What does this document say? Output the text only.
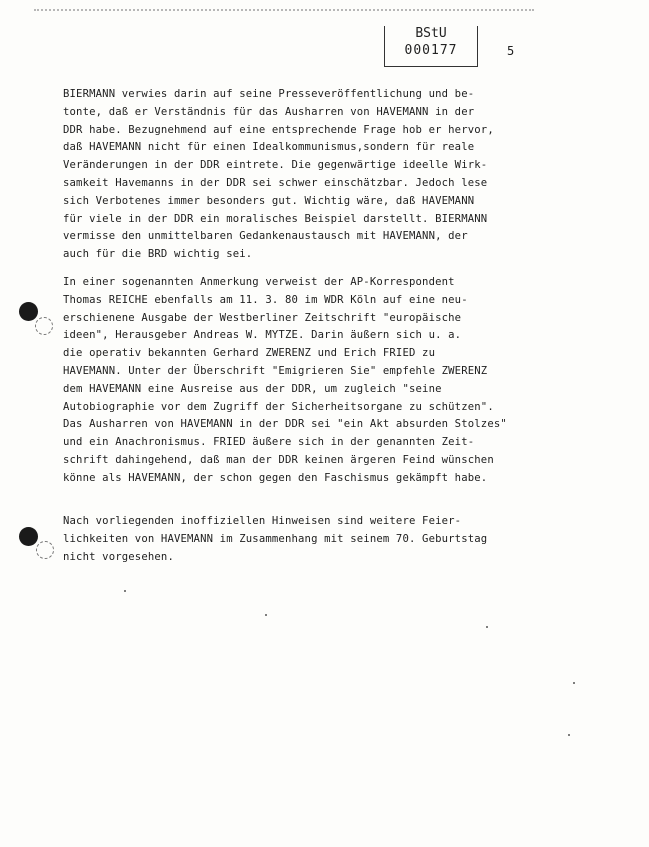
BStU
000177	5

BIERMANN verwies darin auf seine Presseveröffentlichung und be-
tonte, daß er Verständnis für das Ausharren von HAVEMANN in der
DDR habe. Bezugnehmend auf eine entsprechende Frage hob er hervor,
daß HAVEMANN nicht für einen Idealkommunismus,sondern für reale
Veränderungen in der DDR eintrete. Die gegenwärtige ideelle Wirk-
samkeit Havemanns in der DDR sei schwer einschätzbar. Jedoch lese
sich Verbotenes immer besonders gut. Wichtig wäre, daß HAVEMANN
für viele in der DDR ein moralisches Beispiel darstellt. BIERMANN
vermisse den unmittelbaren Gedankenaustausch mit HAVEMANN, der
auch für die BRD wichtig sei.

In einer sogenannten Anmerkung verweist der AP-Korrespondent
Thomas REICHE ebenfalls am 11. 3. 80 im WDR Köln auf eine neu-
erschienene Ausgabe der Westberliner Zeitschrift "europäische
ideen", Herausgeber Andreas W. MYTZE. Darin äußern sich u. a.
die operativ bekannten Gerhard ZWERENZ und Erich FRIED zu
HAVEMANN. Unter der Überschrift "Emigrieren Sie" empfehle ZWERENZ
dem HAVEMANN eine Ausreise aus der DDR, um zugleich "seine
Autobiographie vor dem Zugriff der Sicherheitsorgane zu schützen".
Das Ausharren von HAVEMANN in der DDR sei "ein Akt absurden Stolzes"
und ein Anachronismus. FRIED äußere sich in der genannten Zeit-
schrift dahingehend, daß man der DDR keinen ärgeren Feind wünschen
könne als HAVEMANN, der schon gegen den Faschismus gekämpft habe.

Nach vorliegenden inoffiziellen Hinweisen sind weitere Feier-
lichkeiten von HAVEMANN im Zusammenhang mit seinem 70. Geburtstag
nicht vorgesehen.
